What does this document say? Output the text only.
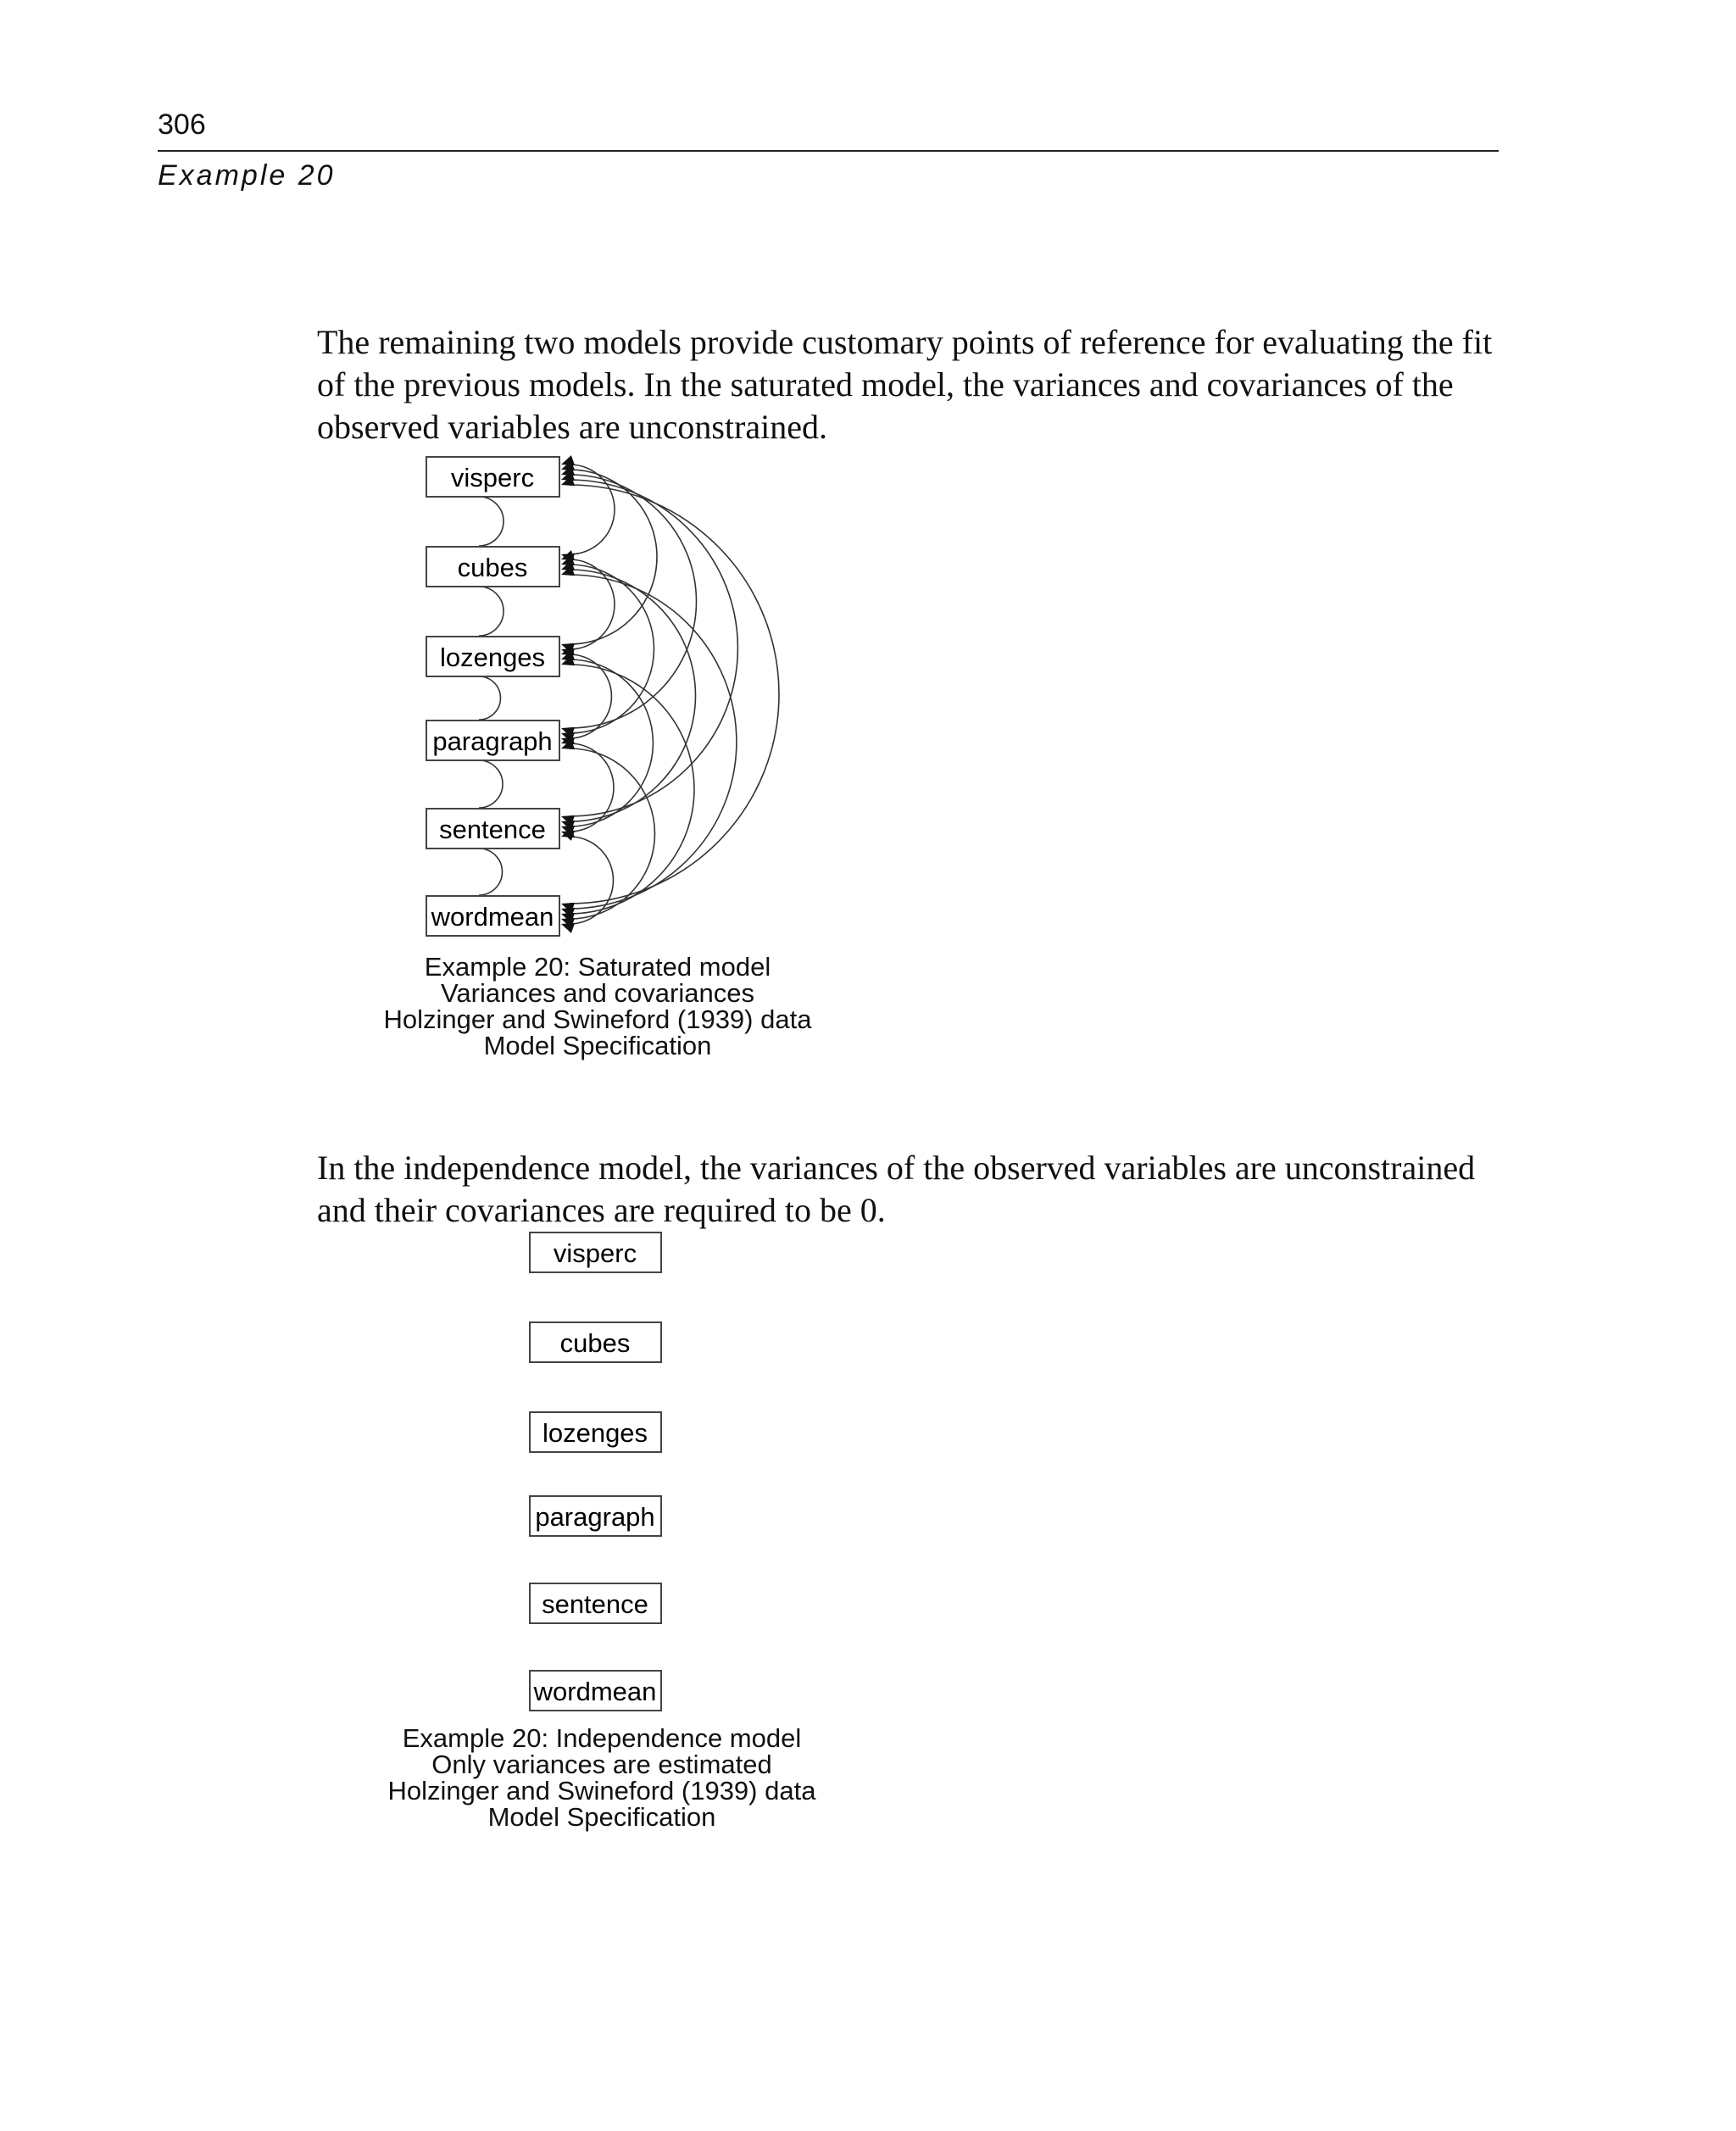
306
Example 20

The remaining two models provide customary points of reference for evaluating the fit of the previous models. In the saturated model, the variances and covariances of the observed variables are unconstrained.

visperc
cubes
lozenges
paragraph
sentence
wordmean
Example 20: Saturated model
Variances and covariances
Holzinger and Swineford (1939) data
Model Specification

In the independence model, the variances of the observed variables are unconstrained and their covariances are required to be 0.

visperc
cubes
lozenges
paragraph
sentence
wordmean
Example 20: Independence model
Only variances are estimated
Holzinger and Swineford (1939) data
Model Specification
